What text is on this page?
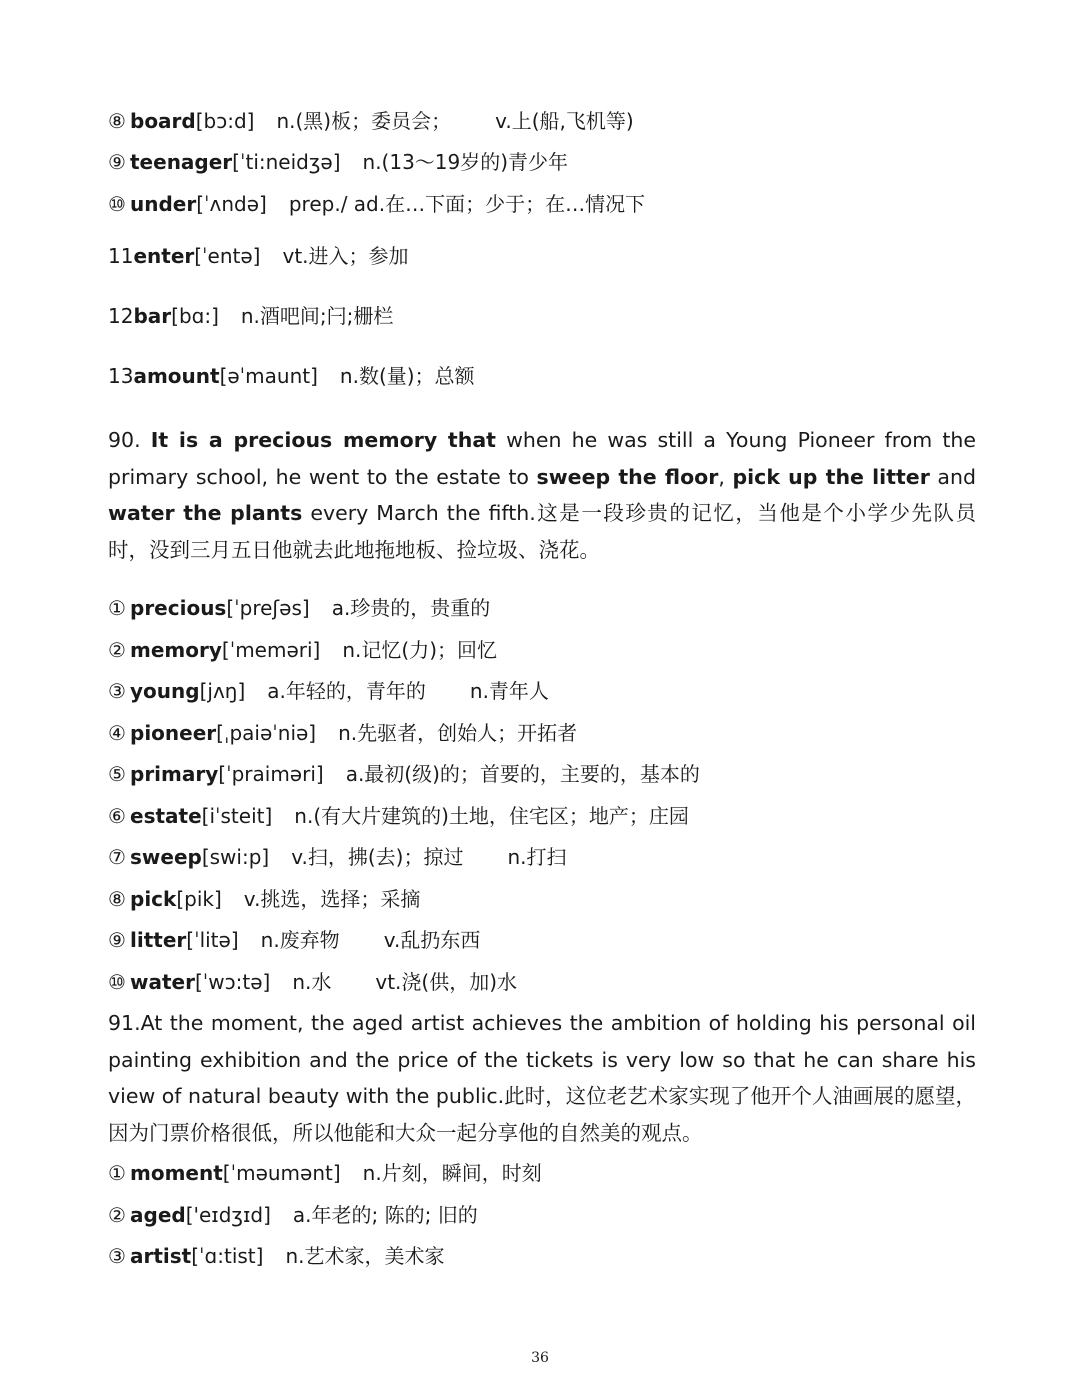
⑧ board[bɔ:d] n.(黑)板；委员会； v.上(船,飞机等)
⑨ teenager[ˈti:neidʒə] n.(13～19岁的)青少年
⑩ under[ˈʌndə] prep./ ad.在…下面；少于；在…情况下
11enter[ˈentə] vt.进入；参加
12bar[bɑ:] n.酒吧间;闩;栅栏
13amount[əˈmaunt] n.数(量)；总额
90. It is a precious memory that when he was still a Young Pioneer from the primary school, he went to the estate to sweep the floor, pick up the litter and water the plants every March the fifth.这是一段珍贵的记忆，当他是个小学少先队员时，没到三月五日他就去此地拖地板、捡垃圾、浇花。
① precious[ˈpreʃəs] a.珍贵的，贵重的
② memory[ˈmeməri] n.记忆(力)；回忆
③ young[jʌŋ] a.年轻的，青年的 n.青年人
④ pioneer[ˌpaiəˈniə] n.先驱者，创始人；开拓者
⑤ primary[ˈpraiməri] a.最初(级)的；首要的，主要的，基本的
⑥ estate[iˈsteit] n.(有大片建筑的)土地，住宅区；地产；庄园
⑦ sweep[swi:p] v.扫，拂(去)；掠过 n.打扫
⑧ pick[pik] v.挑选，选择；采摘
⑨ litter[ˈlitə] n.废弃物 v.乱扔东西
⑩ water[ˈwɔ:tə] n.水 vt.浇(供，加)水
91.At the moment, the aged artist achieves the ambition of holding his personal oil painting exhibition and the price of the tickets is very low so that he can share his view of natural beauty with the public.此时，这位老艺术家实现了他开个人油画展的愿望，因为门票价格很低，所以他能和大众一起分享他的自然美的观点。
① moment[ˈməumənt] n.片刻，瞬间，时刻
② aged['eɪdʒɪd] a.年老的; 陈的; 旧的
③ artist[ˈɑ:tist] n.艺术家，美术家
36
